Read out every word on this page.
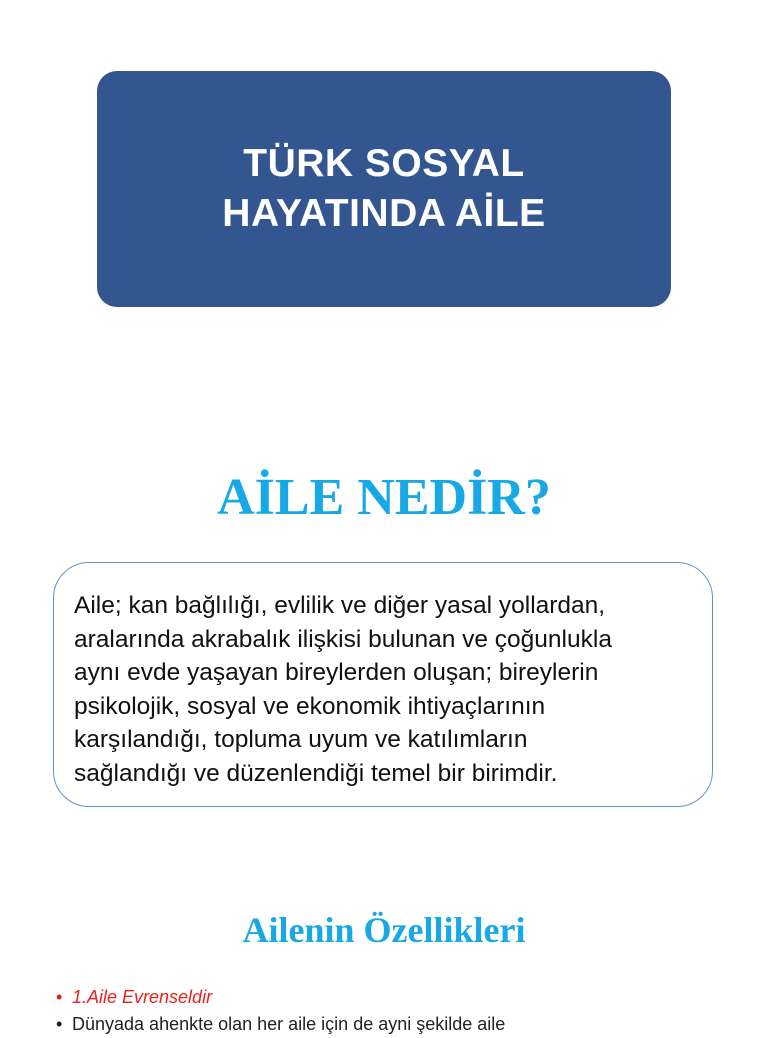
TÜRK SOSYAL
HAYATINDA AİLE
AİLE NEDİR?
Aile; kan bağlılığı, evlilik ve diğer yasal yollardan,
aralarında akrabalık ilişkisi bulunan ve çoğunlukla
aynı evde yaşayan bireylerden oluşan; bireylerin
psikolojik, sosyal ve ekonomik ihtiyaçlarının
karşılandığı, topluma uyum ve katılımların
sağlandığı ve düzenlendiği temel bir birimdir.
Ailenin Özellikleri
• 1.Aile Evrenseldir
• Dünyada ahenkte olan her aile için de ayni şekilde aile
